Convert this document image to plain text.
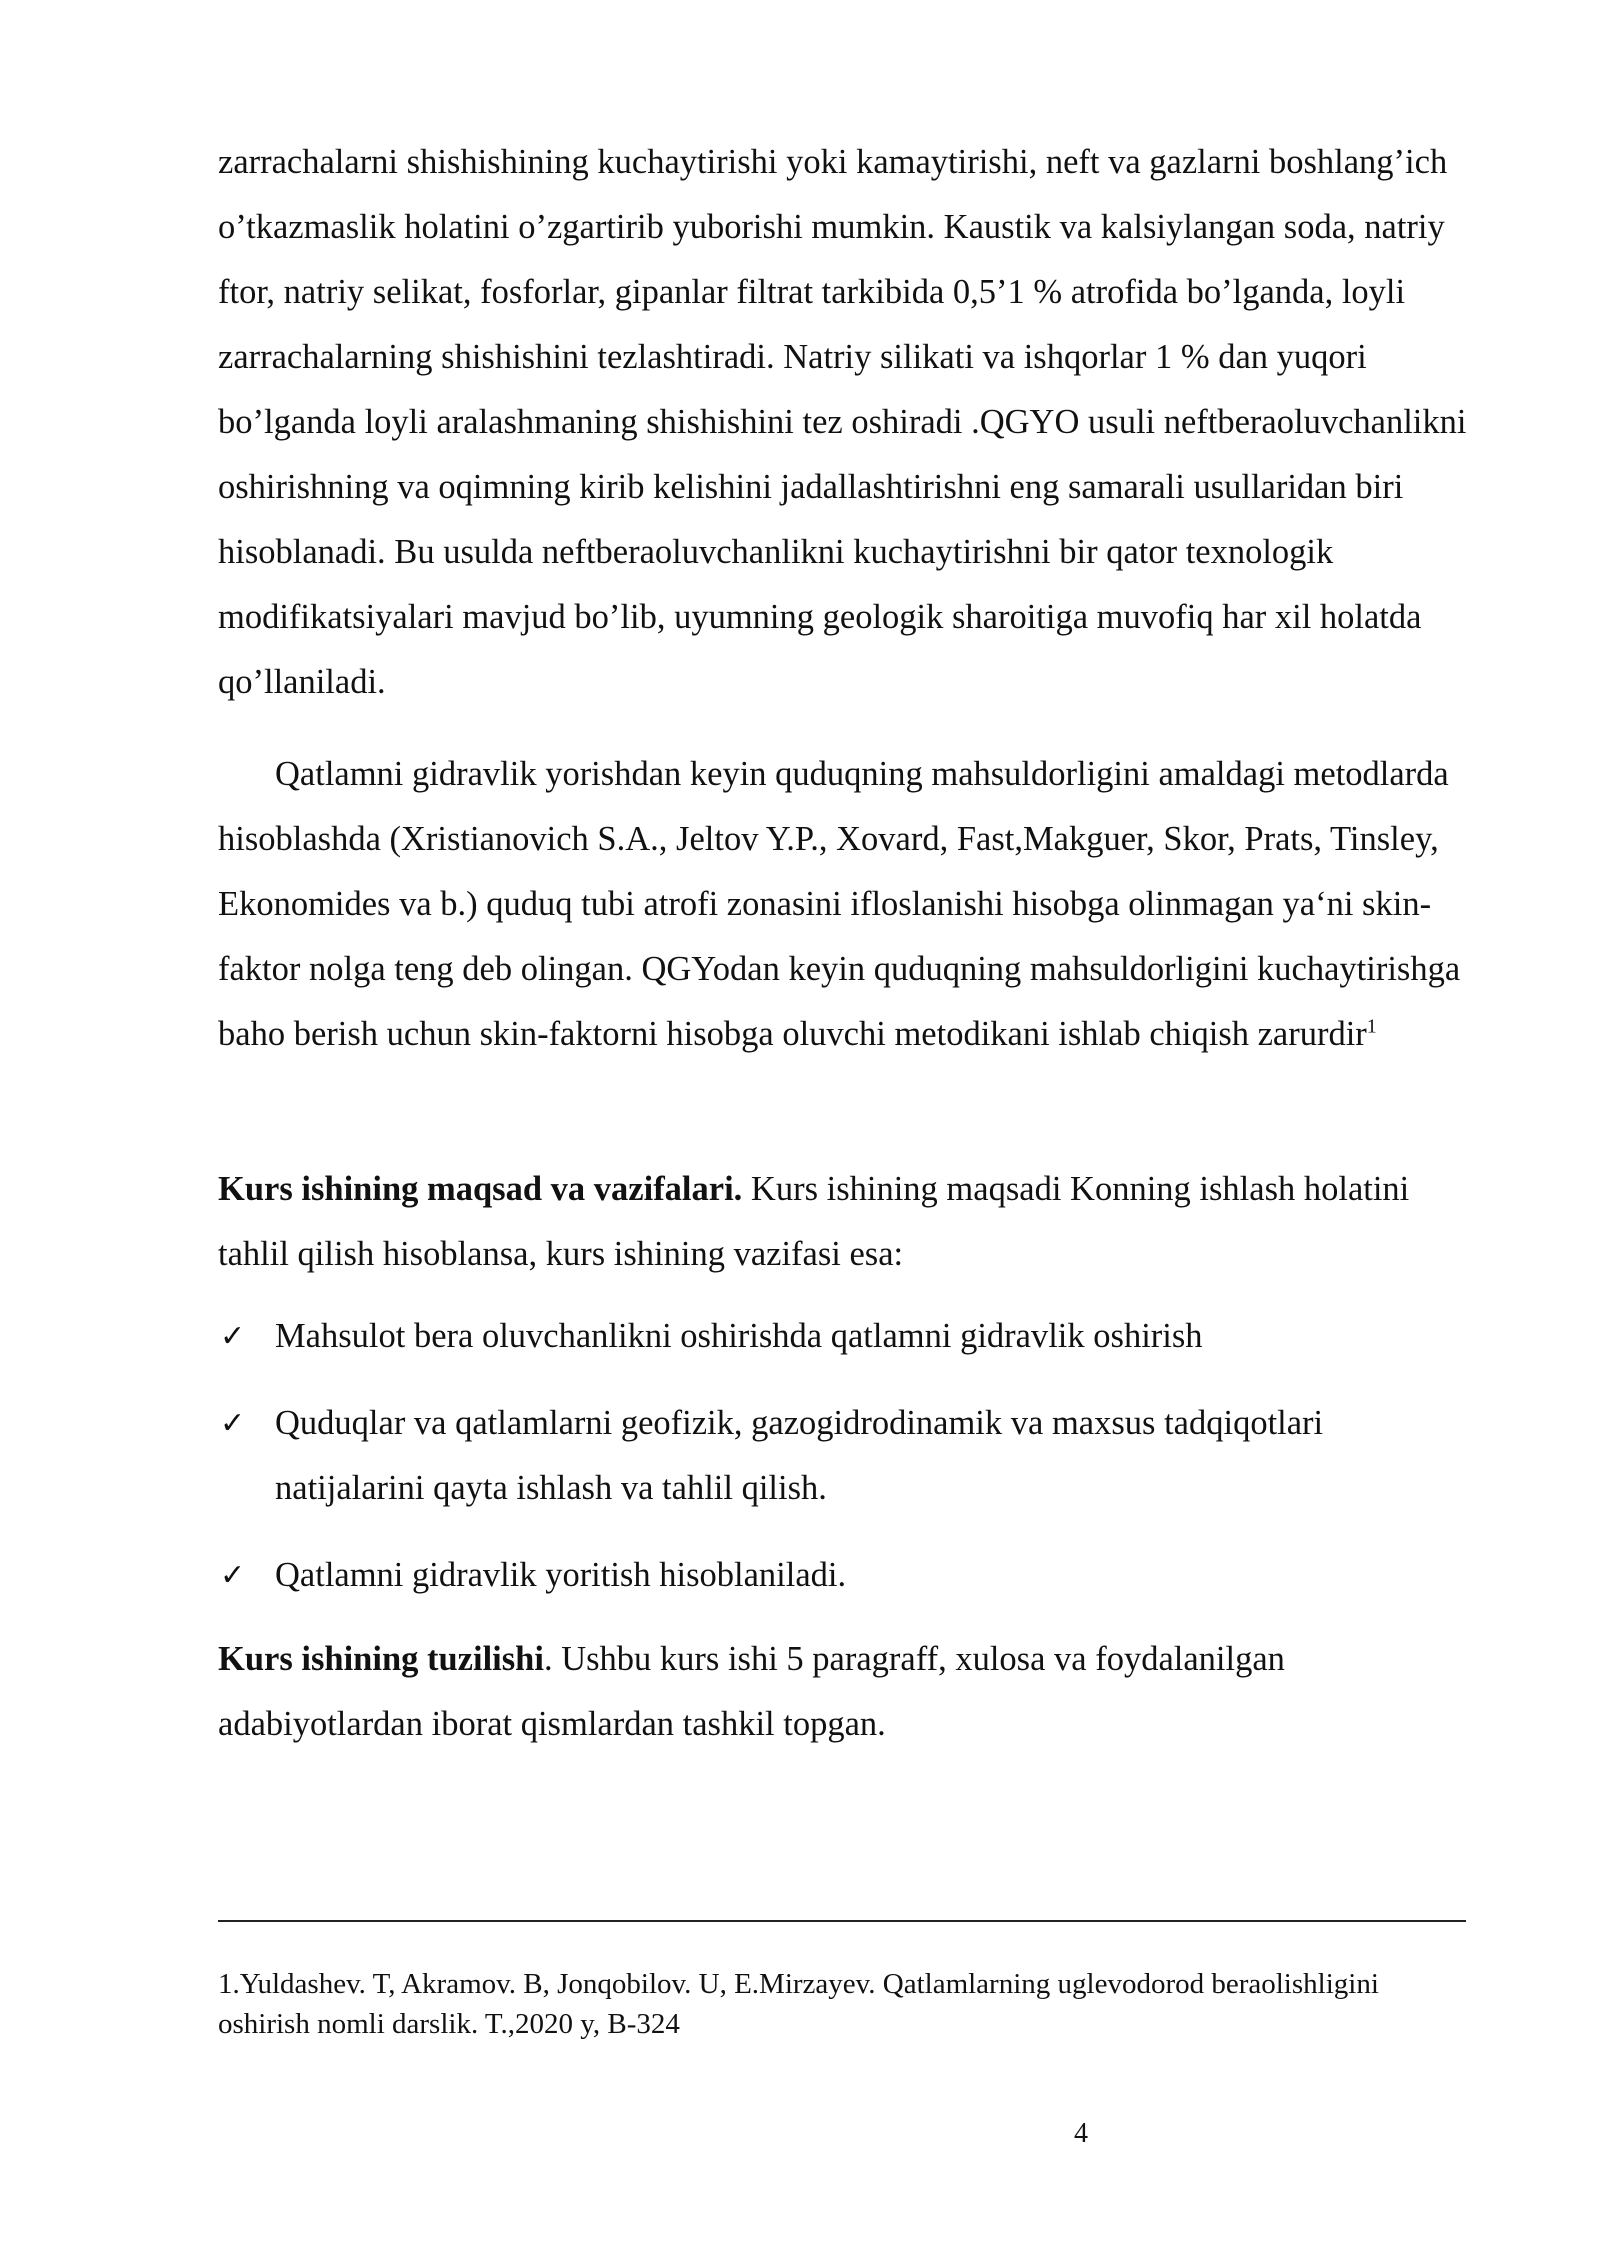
zarrachalarni shishishining kuchaytirishi yoki kamaytirishi, neft va gazlarni boshlang’ich o’tkazmaslik holatini o’zgartirib yuborishi mumkin. Kaustik va kalsiylangan soda, natriy ftor, natriy selikat, fosforlar, gipanlar filtrat tarkibida 0,5’1 % atrofida bo’lganda, loyli zarrachalarning shishishini tezlashtiradi. Natriy silikati va ishqorlar 1 % dan yuqori bo’lganda loyli aralashmaning shishishini tez oshiradi .QGYO usuli neftberaoluvchanlikni oshirishning va oqimning kirib kelishini jadallashtirishni eng samarali usullaridan biri hisoblanadi. Bu usulda neftberaoluvchanlikni kuchaytirishni bir qator texnologik modifikatsiyalari mavjud bo’lib, uyumning geologik sharoitiga muvofiq har xil holatda qo’llaniladi.

Qatlamni gidravlik yorishdan keyin quduqning mahsuldorligini amaldagi metodlarda hisoblashda (Xristianovich S.A., Jeltov Y.P., Xovard, Fast,Makguer, Skor, Prats, Tinsley, Ekonomides va b.) quduq tubi atrofi zonasini ifloslanishi hisobga olinmagan ya‘ni skin-faktor nolga teng deb olingan. QGYodan keyin quduqning mahsuldorligini kuchaytirishga baho berish uchun skin-faktorni hisobga oluvchi metodikani ishlab chiqish zarurdir$^1$

Kurs ishining maqsad va vazifalari. Kurs ishining maqsadi Konning ishlash holatini tahlil qilish hisoblansa, kurs ishining vazifasi esa:

✓ Mahsulot bera oluvchanlikni oshirishda qatlamni gidravlik oshirish
✓ Quduqlar va qatlamlarni geofizik, gazogidrodinamik va maxsus tadqiqotlari natijalarini qayta ishlash va tahlil qilish.
✓ Qatlamni gidravlik yoritish hisoblaniladi.

Kurs ishining tuzilishi. Ushbu kurs ishi 5 paragraff, xulosa va foydalanilgan adabiyotlardan iborat qismlardan tashkil topgan.

1.Yuldashev. T, Akramov. B, Jonqobilov. U, E.Mirzayev. Qatlamlarning uglevodorod beraolishligini oshirish nomli darslik. T.,2020 y, B-324

4
